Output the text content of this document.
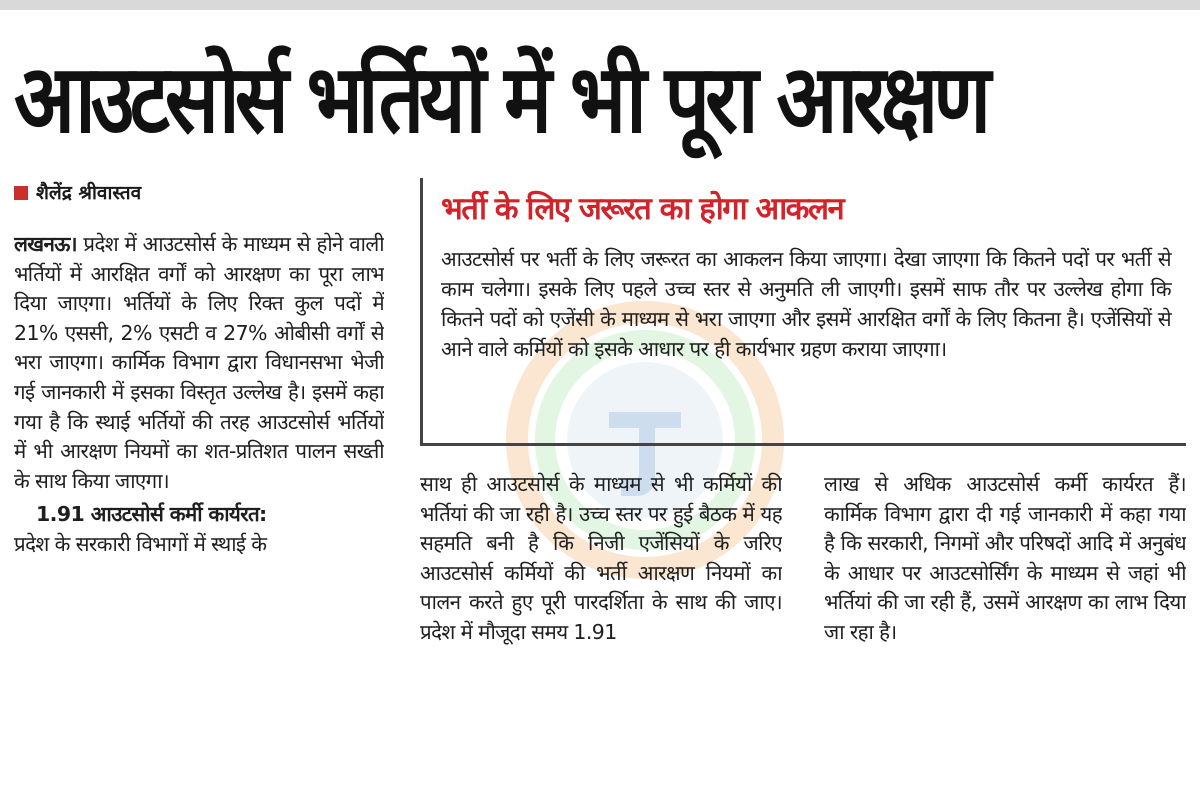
आउटसोर्स भर्तियों में भी पूरा आरक्षण
शैलेंद्र श्रीवास्तव
लखनऊ। प्रदेश में आउटसोर्स के माध्यम से होने वाली भर्तियों में आरक्षित वर्गों को आरक्षण का पूरा लाभ दिया जाएगा। भर्तियों के लिए रिक्त कुल पदों में 21% एससी, 2% एसटी व 27% ओबीसी वर्गों से भरा जाएगा। कार्मिक विभाग द्वारा विधानसभा भेजी गई जानकारी में इसका विस्तृत उल्लेख है। इसमें कहा गया है कि स्थाई भर्तियों की तरह आउटसोर्स भर्तियों में भी आरक्षण नियमों का शत-प्रतिशत पालन सख्ती के साथ किया जाएगा।
1.91 आउटसोर्स कर्मी कार्यरत:
प्रदेश के सरकारी विभागों में स्थाई के
भर्ती के लिए जरूरत का होगा आकलन

आउटसोर्स पर भर्ती के लिए जरूरत का आकलन किया जाएगा। देखा जाएगा कि कितने पदों पर भर्ती से काम चलेगा। इसके लिए पहले उच्च स्तर से अनुमति ली जाएगी। इसमें साफ तौर पर उल्लेख होगा कि कितने पदों को एजेंसी के माध्यम से भरा जाएगा और इसमें आरक्षित वर्गों के लिए कितना है। एजेंसियों से आने वाले कर्मियों को इसके आधार पर ही कार्यभार ग्रहण कराया जाएगा।

साथ ही आउटसोर्स के माध्यम से भी कर्मियों की भर्तियां की जा रही है। उच्च स्तर पर हुई बैठक में यह सहमति बनी है कि निजी एजेंसियों के जरिए आउटसोर्स कर्मियों की भर्ती आरक्षण नियमों का पालन करते हुए पूरी पारदर्शिता के साथ की जाए। प्रदेश में मौजूदा समय 1.91
लाख से अधिक आउटसोर्स कर्मी कार्यरत हैं। कार्मिक विभाग द्वारा दी गई जानकारी में कहा गया है कि सरकारी, निगमों और परिषदों आदि में अनुबंध के आधार पर आउटसोर्सिंग के माध्यम से जहां भी भर्तियां की जा रही हैं, उसमें आरक्षण का लाभ दिया जा रहा है।
